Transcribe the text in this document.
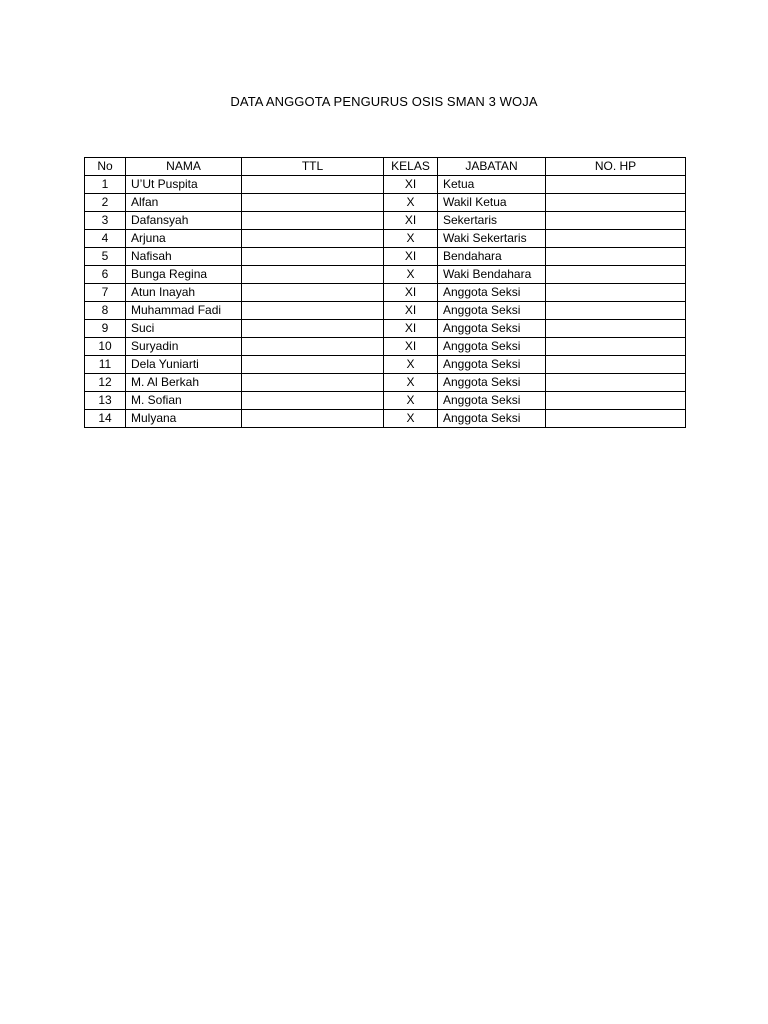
DATA ANGGOTA PENGURUS OSIS SMAN 3 WOJA
No	NAMA	TTL	KELAS	JABATAN	NO. HP
1	U’Ut Puspita		XI	Ketua	
2	Alfan		X	Wakil Ketua	
3	Dafansyah		XI	Sekertaris	
4	Arjuna		X	Waki Sekertaris	
5	Nafisah		XI	Bendahara	
6	Bunga Regina		X	Waki Bendahara	
7	Atun Inayah		XI	Anggota Seksi	
8	Muhammad Fadi		XI	Anggota Seksi	
9	Suci		XI	Anggota Seksi	
10	Suryadin		XI	Anggota Seksi	
11	Dela Yuniarti		X	Anggota Seksi	
12	M. Al Berkah		X	Anggota Seksi	
13	M. Sofian		X	Anggota Seksi	
14	Mulyana		X	Anggota Seksi	
